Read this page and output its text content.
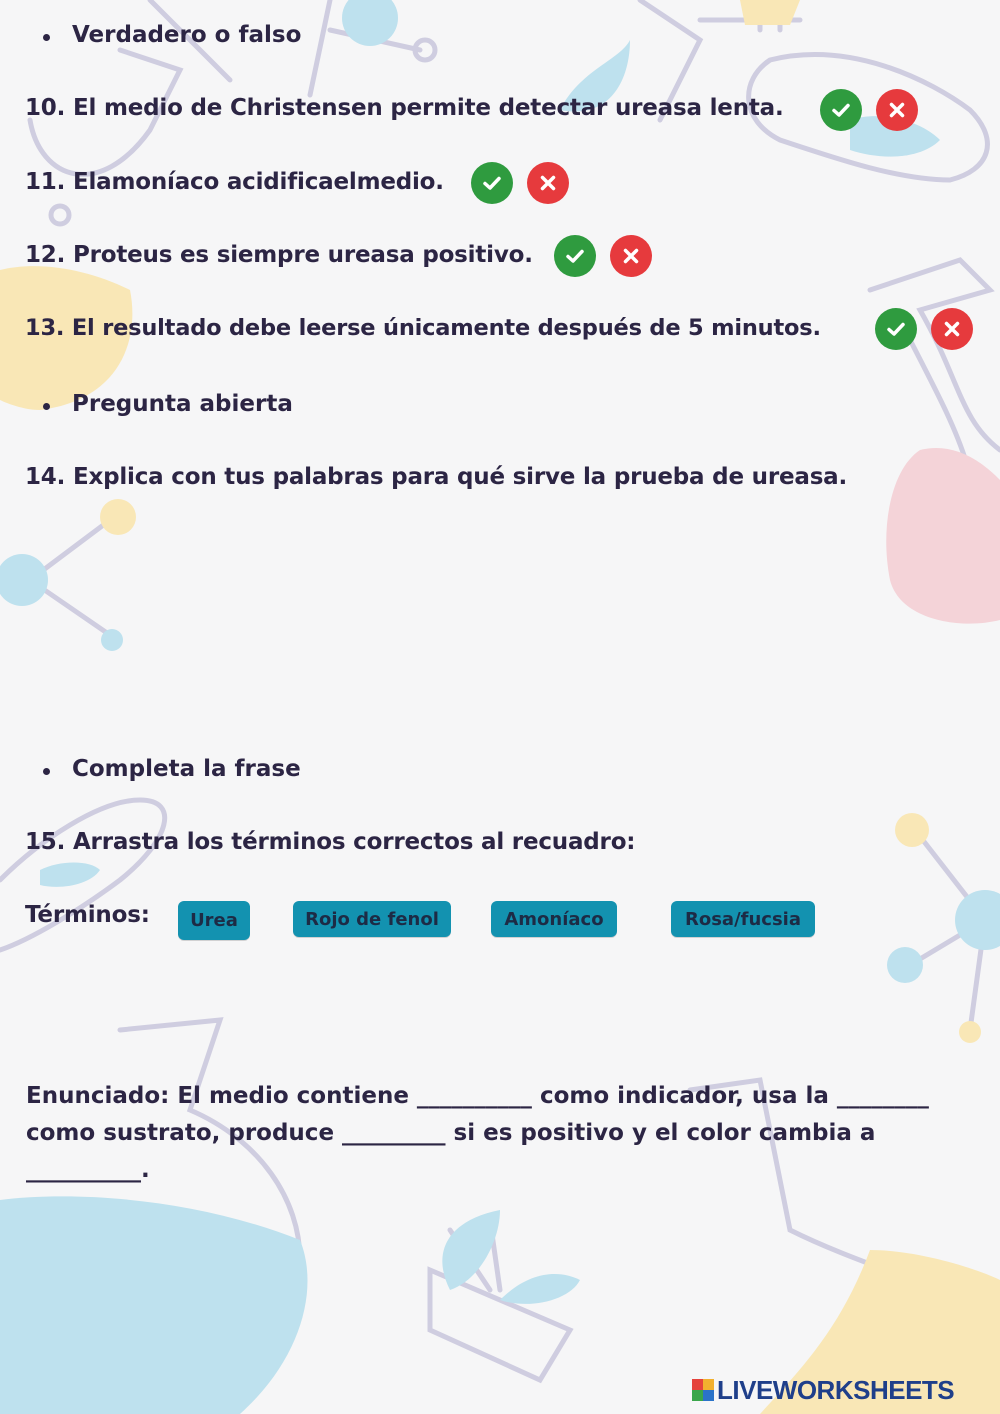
Verdadero o falso
10. El medio de Christensen permite detectar ureasa lenta.
11. Elamoníaco acidificaelmedio.
12. Proteus es siempre ureasa positivo.
13. El resultado debe leerse únicamente después de 5 minutos.
Pregunta abierta
14. Explica con tus palabras para qué sirve la prueba de ureasa.
Completa la frase
15. Arrastra los términos correctos al recuadro:
Términos:	Urea	Rojo de fenol	Amoníaco	Rosa/fucsia
Enunciado: El medio contiene __________ como indicador, usa la ________ como sustrato, produce _________ si es positivo y el color cambia a __________.
LIVEWORKSHEETS
